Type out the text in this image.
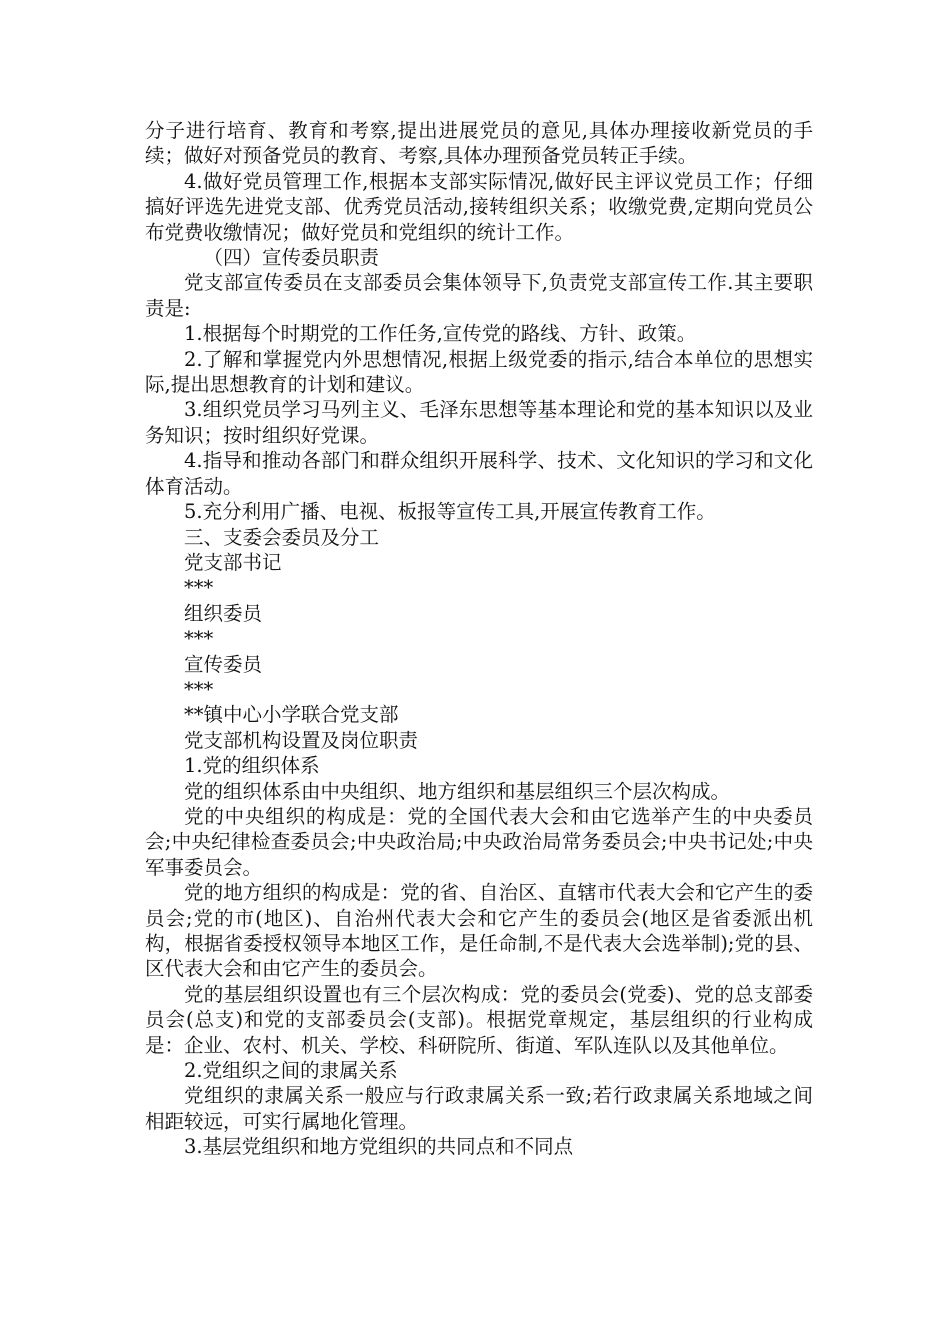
分子进行培育、教育和考察,提出进展党员的意见,具体办理接收新党员的手续；做好对预备党员的教育、考察,具体办理预备党员转正手续。

4.做好党员管理工作,根据本支部实际情况,做好民主评议党员工作；仔细搞好评选先进党支部、优秀党员活动,接转组织关系；收缴党费,定期向党员公布党费收缴情况；做好党员和党组织的统计工作。

（四）宣传委员职责

党支部宣传委员在支部委员会集体领导下,负责党支部宣传工作.其主要职责是:

1.根据每个时期党的工作任务,宣传党的路线、方针、政策。

2.了解和掌握党内外思想情况,根据上级党委的指示,结合本单位的思想实际,提出思想教育的计划和建议。

3.组织党员学习马列主义、毛泽东思想等基本理论和党的基本知识以及业务知识；按时组织好党课。

4.指导和推动各部门和群众组织开展科学、技术、文化知识的学习和文化体育活动。

5.充分利用广播、电视、板报等宣传工具,开展宣传教育工作。

三、支委会委员及分工

党支部书记

***

组织委员

***

宣传委员

***

**镇中心小学联合党支部

党支部机构设置及岗位职责

1.党的组织体系

党的组织体系由中央组织、地方组织和基层组织三个层次构成。

党的中央组织的构成是：党的全国代表大会和由它选举产生的中央委员会;中央纪律检查委员会;中央政治局;中央政治局常务委员会;中央书记处;中央军事委员会。

党的地方组织的构成是：党的省、自治区、直辖市代表大会和它产生的委员会;党的市(地区)、自治州代表大会和它产生的委员会(地区是省委派出机构，根据省委授权领导本地区工作，是任命制,不是代表大会选举制);党的县、区代表大会和由它产生的委员会。

党的基层组织设置也有三个层次构成：党的委员会(党委)、党的总支部委员会(总支)和党的支部委员会(支部)。根据党章规定，基层组织的行业构成是：企业、农村、机关、学校、科研院所、街道、军队连队以及其他单位。

2.党组织之间的隶属关系

党组织的隶属关系一般应与行政隶属关系一致;若行政隶属关系地域之间相距较远，可实行属地化管理。

3.基层党组织和地方党组织的共同点和不同点
